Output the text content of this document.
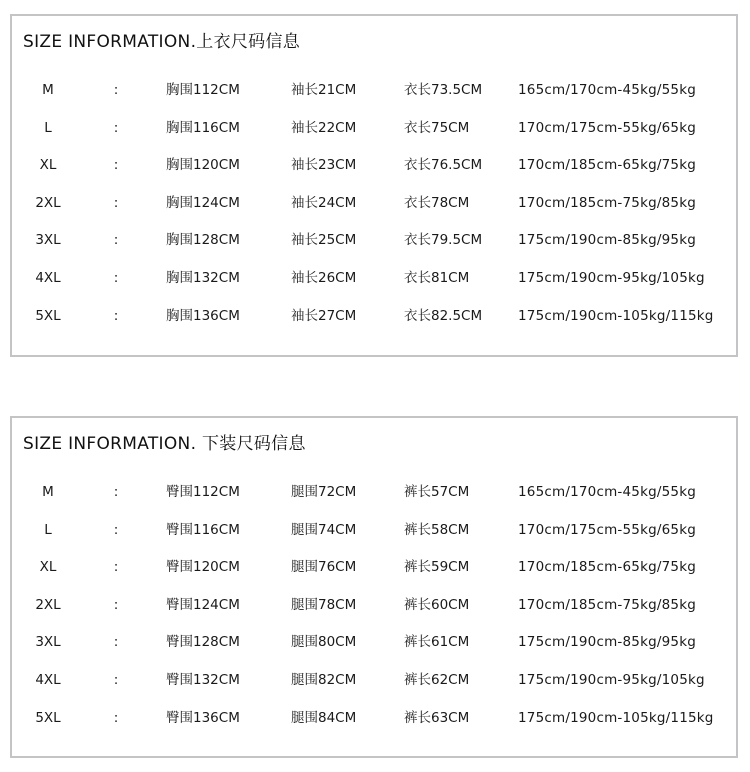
SIZE INFORMATION.上衣尺码信息
M	:	胸围112CM	袖长21CM	衣长73.5CM	165cm/170cm-45kg/55kg
L	:	胸围116CM	袖长22CM	衣长75CM	170cm/175cm-55kg/65kg
XL	:	胸围120CM	袖长23CM	衣长76.5CM	170cm/185cm-65kg/75kg
2XL	:	胸围124CM	袖长24CM	衣长78CM	170cm/185cm-75kg/85kg
3XL	:	胸围128CM	袖长25CM	衣长79.5CM	175cm/190cm-85kg/95kg
4XL	:	胸围132CM	袖长26CM	衣长81CM	175cm/190cm-95kg/105kg
5XL	:	胸围136CM	袖长27CM	衣长82.5CM	175cm/190cm-105kg/115kg
SIZE INFORMATION. 下装尺码信息
M	:	臀围112CM	腿围72CM	裤长57CM	165cm/170cm-45kg/55kg
L	:	臀围116CM	腿围74CM	裤长58CM	170cm/175cm-55kg/65kg
XL	:	臀围120CM	腿围76CM	裤长59CM	170cm/185cm-65kg/75kg
2XL	:	臀围124CM	腿围78CM	裤长60CM	170cm/185cm-75kg/85kg
3XL	:	臀围128CM	腿围80CM	裤长61CM	175cm/190cm-85kg/95kg
4XL	:	臀围132CM	腿围82CM	裤长62CM	175cm/190cm-95kg/105kg
5XL	:	臀围136CM	腿围84CM	裤长63CM	175cm/190cm-105kg/115kg
